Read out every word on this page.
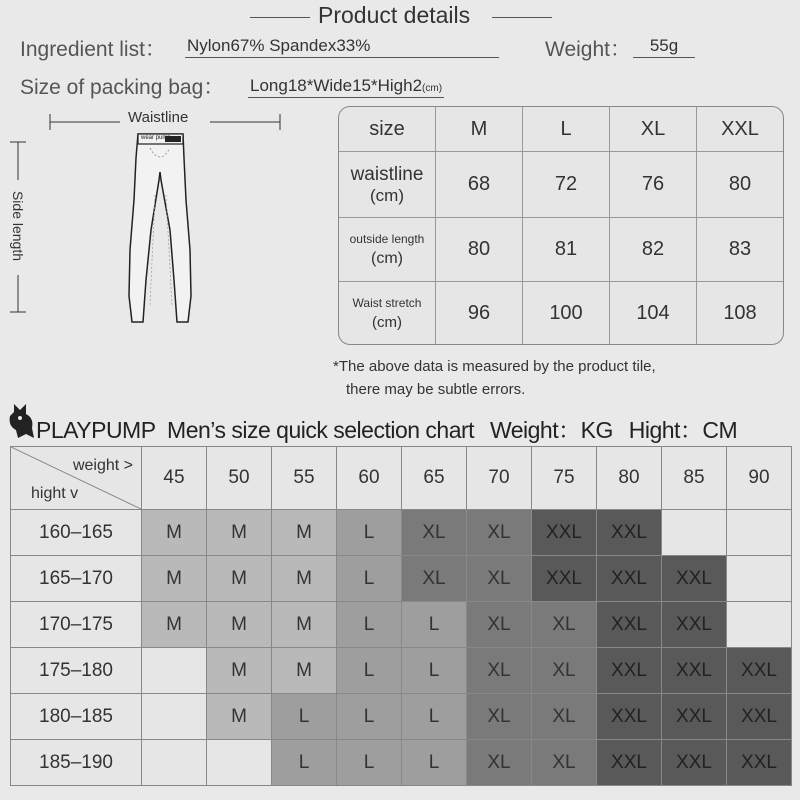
Product details
Ingredient list： Nylon67% Spandex33%	Weight：	55g
Size of packing bag： Long18*Wide15*High2(cm)
Waistline
wear pump
Side length
size	M	L	XL	XXL

waistline
(cm)	68	72	76	80

outside length
(cm)	80	81	82	83

Waist stretch
(cm)	96	100	104	108
*The above data is measured by the product tile,
there may be subtle errors.
PLAYPUMP Men’s size quick selection chart Weight：KG Hight：CM
weight >
hight v	45	50	55	60	65	70	75	80	85	90
160–165	M	M	M	L	XL	XL	XXL	XXL		
165–170	M	M	M	L	XL	XL	XXL	XXL	XXL	
170–175	M	M	M	L	L	XL	XL	XXL	XXL	
175–180		M	M	L	L	XL	XL	XXL	XXL	XXL
180–185		M	L	L	L	XL	XL	XXL	XXL	XXL
185–190			L	L	L	XL	XL	XXL	XXL	XXL
